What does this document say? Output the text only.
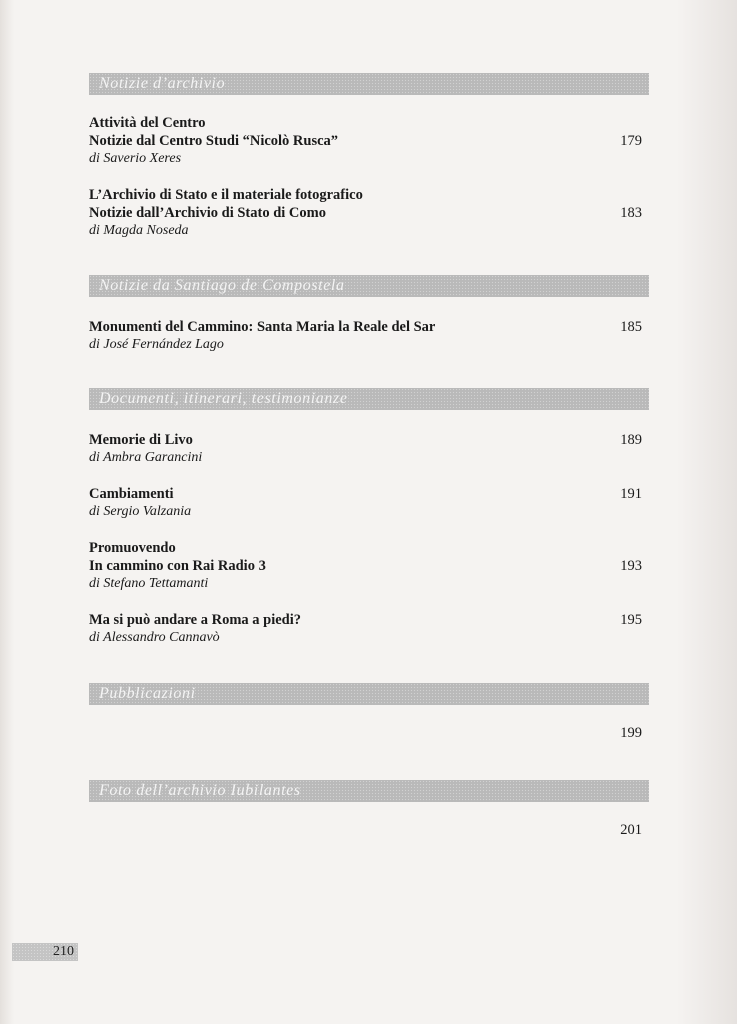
Notizie d’archivio
Attività del Centro
Notizie dal Centro Studi “Nicolò Rusca”
di Saverio Xeres
179
L’Archivio di Stato e il materiale fotografico
Notizie dall’Archivio di Stato di Como
di Magda Noseda
183
Notizie da Santiago de Compostela
Monumenti del Cammino: Santa Maria la Reale del Sar
di José Fernández Lago
185
Documenti, itinerari, testimonianze
Memorie di Livo
di Ambra Garancini
189
Cambiamenti
di Sergio Valzania
191
Promuovendo
In cammino con Rai Radio 3
di Stefano Tettamanti
193
Ma si può andare a Roma a piedi?
di Alessandro Cannavò
195
Pubblicazioni
199
Foto dell’archivio Iubilantes
201
210
